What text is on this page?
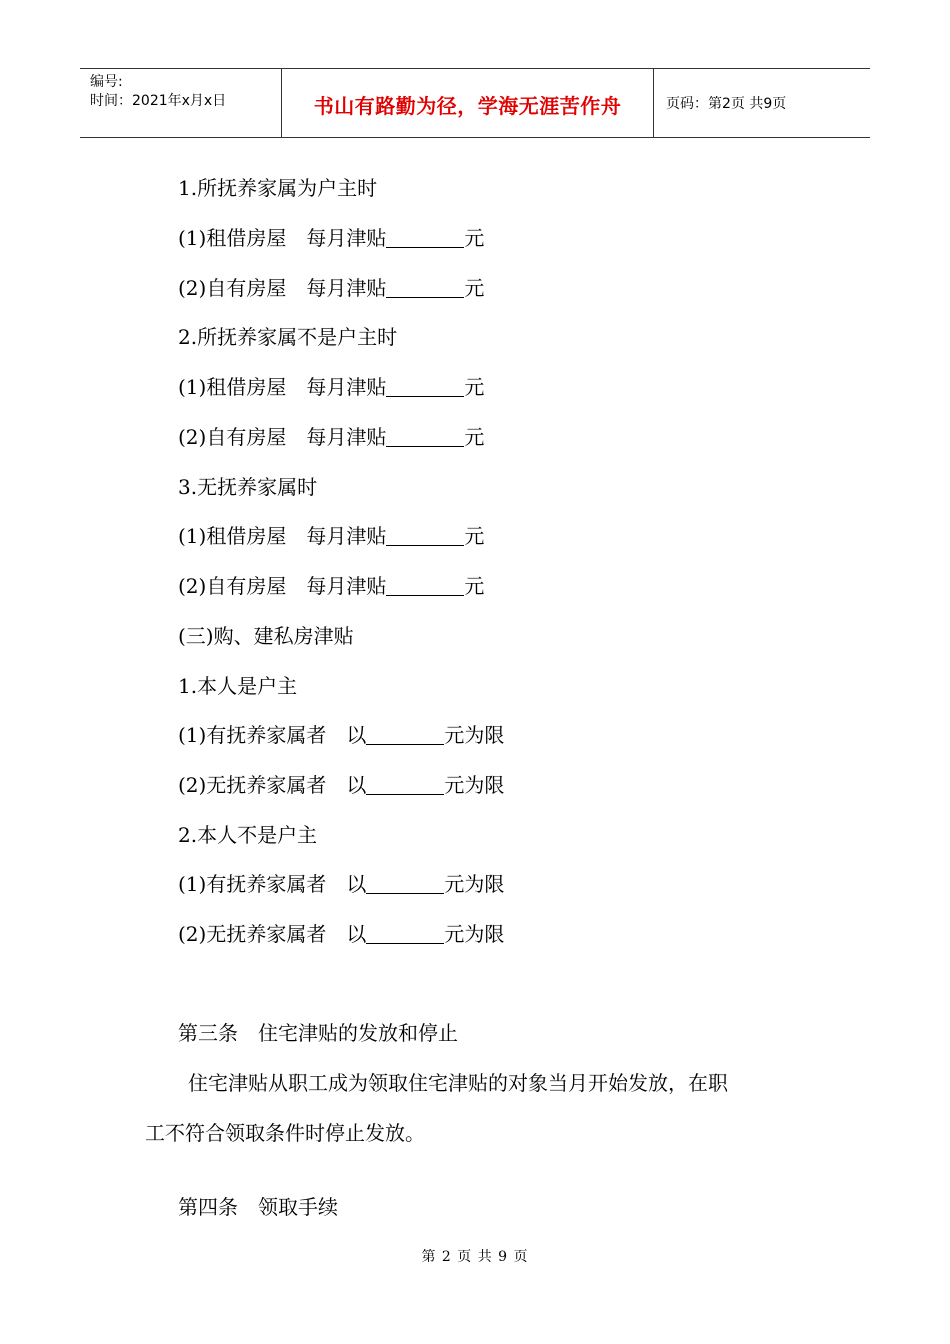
编号:
时间：2021年x月x日	书山有路勤为径，学海无涯苦作舟	页码：第2页 共9页
1.所抚养家属为户主时
(1)租借房屋 每月津贴	元
(2)自有房屋 每月津贴	元
2.所抚养家属不是户主时
(1)租借房屋 每月津贴	元
(2)自有房屋 每月津贴	元
3.无抚养家属时
(1)租借房屋 每月津贴	元
(2)自有房屋 每月津贴	元
(三)购、建私房津贴
1.本人是户主
(1)有抚养家属者 以	元为限
(2)无抚养家属者 以	元为限
2.本人不是户主
(1)有抚养家属者 以	元为限
(2)无抚养家属者 以	元为限
第三条 住宅津贴的发放和停止
住宅津贴从职工成为领取住宅津贴的对象当月开始发放，在职
工不符合领取条件时停止发放。
第四条 领取手续
第 2 页 共 9 页
